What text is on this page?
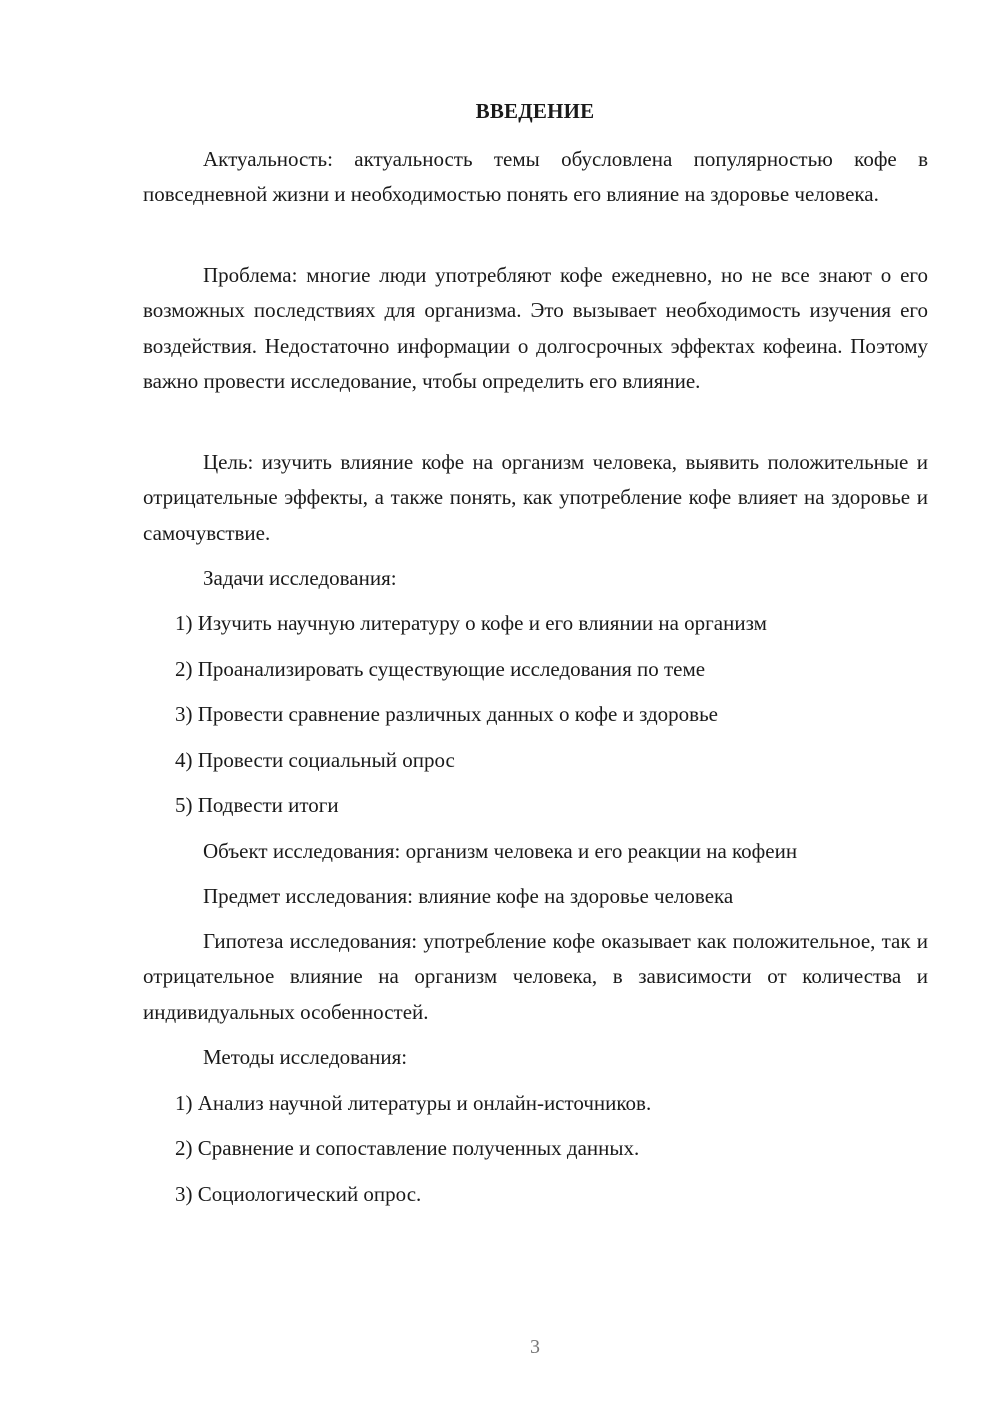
ВВЕДЕНИЕ

Актуальность: актуальность темы обусловлена популярностью кофе в повседневной жизни и необходимостью понять его влияние на здоровье человека.

Проблема: многие люди употребляют кофе ежедневно, но не все знают о его возможных последствиях для организма. Это вызывает необходимость изучения его воздействия. Недостаточно информации о долгосрочных эффектах кофеина. Поэтому важно провести исследование, чтобы определить его влияние.

Цель: изучить влияние кофе на организм человека, выявить положительные и отрицательные эффекты, а также понять, как употребление кофе влияет на здоровье и самочувствие.

Задачи исследования:

1) Изучить научную литературу о кофе и его влиянии на организм

2) Проанализировать существующие исследования по теме

3) Провести сравнение различных данных о кофе и здоровье

4) Провести социальный опрос

5) Подвести итоги

Объект исследования: организм человека и его реакции на кофеин

Предмет исследования: влияние кофе на здоровье человека

Гипотеза исследования: употребление кофе оказывает как положительное, так и отрицательное влияние на организм человека, в зависимости от количества и индивидуальных особенностей.

Методы исследования:

1) Анализ научной литературы и онлайн-источников.

2) Сравнение и сопоставление полученных данных.

3) Социологический опрос.

3
